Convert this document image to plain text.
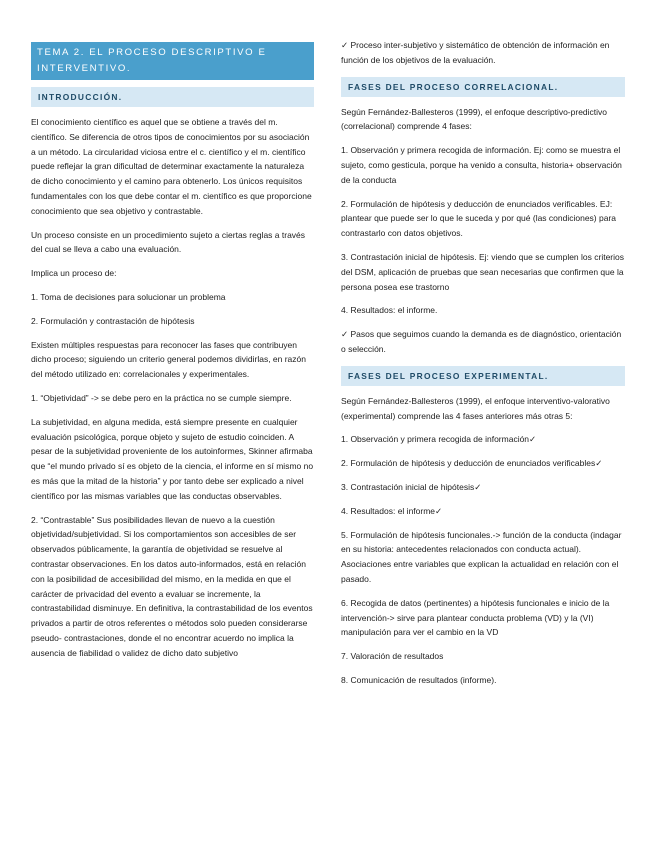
TEMA 2. EL PROCESO DESCRIPTIVO E INTERVENTIVO.
INTRODUCCIÓN.

El conocimiento científico es aquel que se obtiene a través del m. científico. Se diferencia de otros tipos de conocimientos por su asociación a un método. La circularidad viciosa entre el c. científico y el m. científico puede reflejar la gran dificultad de determinar exactamente la naturaleza de dicho conocimiento y el camino para obtenerlo. Los únicos requisitos fundamentales con los que debe contar el m. científico es que proporcione conocimiento que sea objetivo y contrastable.

Un proceso consiste en un procedimiento sujeto a ciertas reglas a través del cual se lleva a cabo una evaluación.

Implica un proceso de:

1. Toma de decisiones para solucionar un problema

2. Formulación y contrastación de hipótesis

Existen múltiples respuestas para reconocer las fases que contribuyen dicho proceso; siguiendo un criterio general podemos dividirlas, en razón del método utilizado en: correlacionales y experimentales.

1. “Objetividad” -> se debe pero en la práctica no se cumple siempre.

La subjetividad, en alguna medida, está siempre presente en cualquier evaluación psicológica, porque objeto y sujeto de estudio coinciden. A pesar de la subjetividad proveniente de los autoinformes, Skinner afirmaba que “el mundo privado sí es objeto de la ciencia, el informe en sí mismo no es más que la mitad de la historia” y por tanto debe ser explicado a nivel científico por las mismas variables que las conductas observables.

2. “Contrastable” Sus posibilidades llevan de nuevo a la cuestión objetividad/subjetividad. Si los comportamientos son accesibles de ser observados públicamente, la garantía de objetividad se resuelve al contrastar observaciones. En los datos auto-informados, está en relación con la posibilidad de accesibilidad del mismo, en la medida en que el carácter de privacidad del evento a evaluar se incremente, la contrastabilidad disminuye. En definitiva, la contrastabilidad de los eventos privados a partir de otros referentes o métodos solo pueden considerarse pseudo- contrastaciones, donde el no encontrar acuerdo no implica la ausencia de fiabilidad o validez de dicho dato subjetivo

✓ Proceso inter-subjetivo y sistemático de obtención de información en función de los objetivos de la evaluación.

FASES DEL PROCESO CORRELACIONAL.

Según Fernández-Ballesteros (1999), el enfoque descriptivo-predictivo (correlacional) comprende 4 fases:

1. Observación y primera recogida de información. Ej: como se muestra el sujeto, como gesticula, porque ha venido a consulta, historia+ observación de la conducta

2. Formulación de hipótesis y deducción de enunciados verificables. EJ: plantear que puede ser lo que le suceda y por qué (las condiciones) para contrastarlo con datos objetivos.

3. Contrastación inicial de hipótesis. Ej: viendo que se cumplen los criterios del DSM, aplicación de pruebas que sean necesarias que confirmen que la persona posea ese trastorno

4. Resultados: el informe.

✓ Pasos que seguimos cuando la demanda es de diagnóstico, orientación o selección.

FASES DEL PROCESO EXPERIMENTAL.

Según Fernández-Ballesteros (1999), el enfoque interventivo-valorativo (experimental) comprende las 4 fases anteriores más otras 5:

1. Observación y primera recogida de información✓

2. Formulación de hipótesis y deducción de enunciados verificables✓

3. Contrastación inicial de hipótesis✓

4. Resultados: el informe✓

5. Formulación de hipótesis funcionales.-> función de la conducta (indagar en su historia: antecedentes relacionados con conducta actual). Asociaciones entre variables que explican la actualidad en relación con el pasado.

6. Recogida de datos (pertinentes) a hipótesis funcionales e inicio de la intervención-> sirve para plantear conducta problema (VD) y la (VI) manipulación para ver el cambio en la VD

7. Valoración de resultados

8. Comunicación de resultados (informe).
